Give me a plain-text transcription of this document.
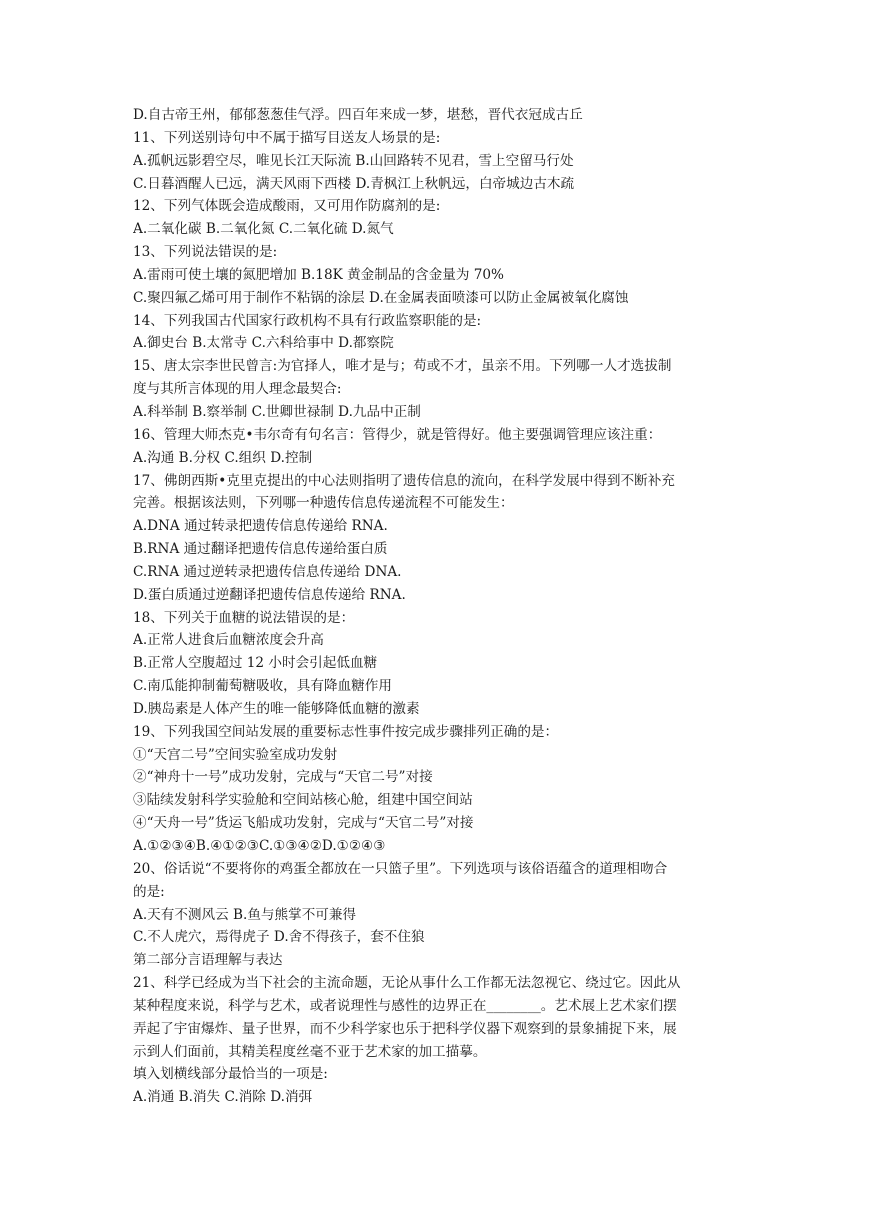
D.自古帝王州，郁郁葱葱佳气浮。四百年来成一梦，堪愁，晋代衣冠成古丘
11、下列送别诗句中不属于描写目送友人场景的是:
A.孤帆远影碧空尽，唯见长江天际流 B.山回路转不见君，雪上空留马行处
C.日暮酒醒人已远，满天风雨下西楼 D.青枫江上秋帆远，白帝城边古木疏
12、下列气体既会造成酸雨，又可用作防腐剂的是:
A.二氧化碳 B.二氧化氮 C.二氧化硫 D.氮气
13、下列说法错误的是:
A.雷雨可使土壤的氮肥增加 B.18K 黄金制品的含金量为 70%
C.聚四氟乙烯可用于制作不粘锅的涂层 D.在金属表面喷漆可以防止金属被氧化腐蚀
14、下列我国古代国家行政机构不具有行政监察职能的是:
A.御史台 B.太常寺 C.六科给事中 D.都察院
15、唐太宗李世民曾言:为官择人，唯才是与；苟或不才，虽亲不用。下列哪一人才选拔制
度与其所言体现的用人理念最契合:
A.科举制 B.察举制 C.世卿世禄制 D.九品中正制
16、管理大师杰克•韦尔奇有句名言：管得少，就是管得好。他主要强调管理应该注重：
A.沟通 B.分权 C.组织 D.控制
17、佛朗西斯•克里克提出的中心法则指明了遗传信息的流向，在科学发展中得到不断补充
完善。根据该法则，下列哪一种遗传信息传递流程不可能发生：
A.DNA 通过转录把遗传信息传递给 RNA.
B.RNA 通过翻译把遗传信息传递给蛋白质
C.RNA 通过逆转录把遗传信息传递给 DNA.
D.蛋白质通过逆翻译把遗传信息传递给 RNA.
18、下列关于血糖的说法错误的是：
A.正常人进食后血糖浓度会升高
B.正常人空腹超过 12 小时会引起低血糖
C.南瓜能抑制葡萄糖吸收，具有降血糖作用
D.胰岛素是人体产生的唯一能够降低血糖的激素
19、下列我国空间站发展的重要标志性事件按完成步骤排列正确的是：
①“天宫二号”空间实验室成功发射
②“神舟十一号”成功发射，完成与“天官二号”对接
③陆续发射科学实验舱和空间站核心舱，组建中国空间站
④“天舟一号”货运飞船成功发射，完成与“天官二号”对接
A.①②③④B.④①②③C.①③④②D.①②④③
20、俗话说“不要将你的鸡蛋全都放在一只篮子里”。下列选项与该俗语蕴含的道理相吻合
的是:
A.天有不测风云 B.鱼与熊掌不可兼得
C.不人虎穴，焉得虎子 D.舍不得孩子，套不住狼
第二部分言语理解与表达
21、科学已经成为当下社会的主流命题，无论从事什么工作都无法忽视它、绕过它。因此从
某种程度来说，科学与艺术，或者说理性与感性的边界正在________。艺术展上艺术家们摆
弄起了宇宙爆炸、量子世界，而不少科学家也乐于把科学仪器下观察到的景象捕捉下来，展
示到人们面前，其精美程度丝毫不亚于艺术家的加工描摹。
填入划横线部分最恰当的一项是:
A.消通 B.消失 C.消除 D.消弭
